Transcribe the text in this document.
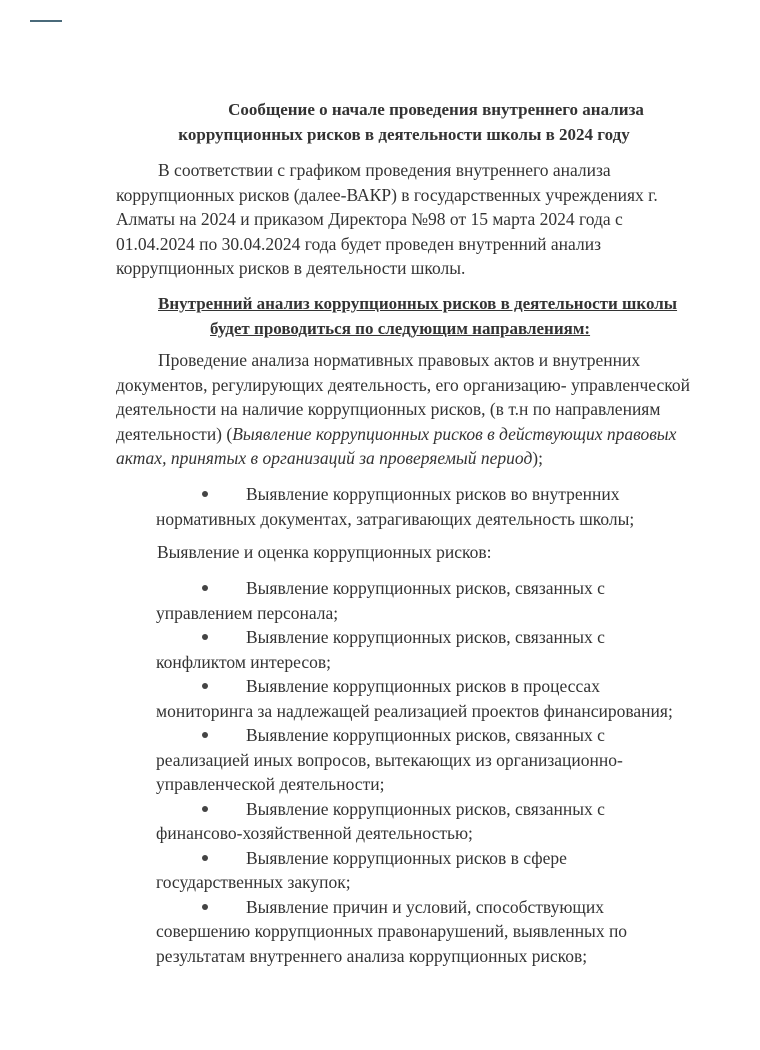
Сообщение о начале проведения внутреннего анализа
коррупционных рисков в деятельности школы в 2024 году
В соответствии с графиком проведения внутреннего анализа
коррупционных рисков (далее-ВАКР) в государственных учреждениях г.
Алматы на 2024 и приказом Директора №98 от 15 марта 2024 года с
01.04.2024 по 30.04.2024 года будет проведен внутренний анализ
коррупционных рисков в деятельности школы.
Внутренний анализ коррупционных рисков в деятельности школы
будет проводиться по следующим направлениям:
Проведение анализа нормативных правовых актов и внутренних
документов, регулирующих деятельность, его организацию- управленческой
деятельности на наличие коррупционных рисков, (в т.н по направлениям
деятельности) (Выявление коррупционных рисков в действующих правовых
актах, принятых в организаций за проверяемый период);
Выявление коррупционных рисков во внутренних
нормативных документах, затрагивающих деятельность школы;
Выявление и оценка коррупционных рисков:
Выявление коррупционных рисков, связанных с
управлением персонала;
Выявление коррупционных рисков, связанных с
конфликтом интересов;
Выявление коррупционных рисков в процессах
мониторинга за надлежащей реализацией проектов финансирования;
Выявление коррупционных рисков, связанных с
реализацией иных вопросов, вытекающих из организационно-
управленческой деятельности;
Выявление коррупционных рисков, связанных с
финансово-хозяйственной деятельностью;
Выявление коррупционных рисков в сфере
государственных закупок;
Выявление причин и условий, способствующих
совершению коррупционных правонарушений, выявленных по
результатам внутреннего анализа коррупционных рисков;
